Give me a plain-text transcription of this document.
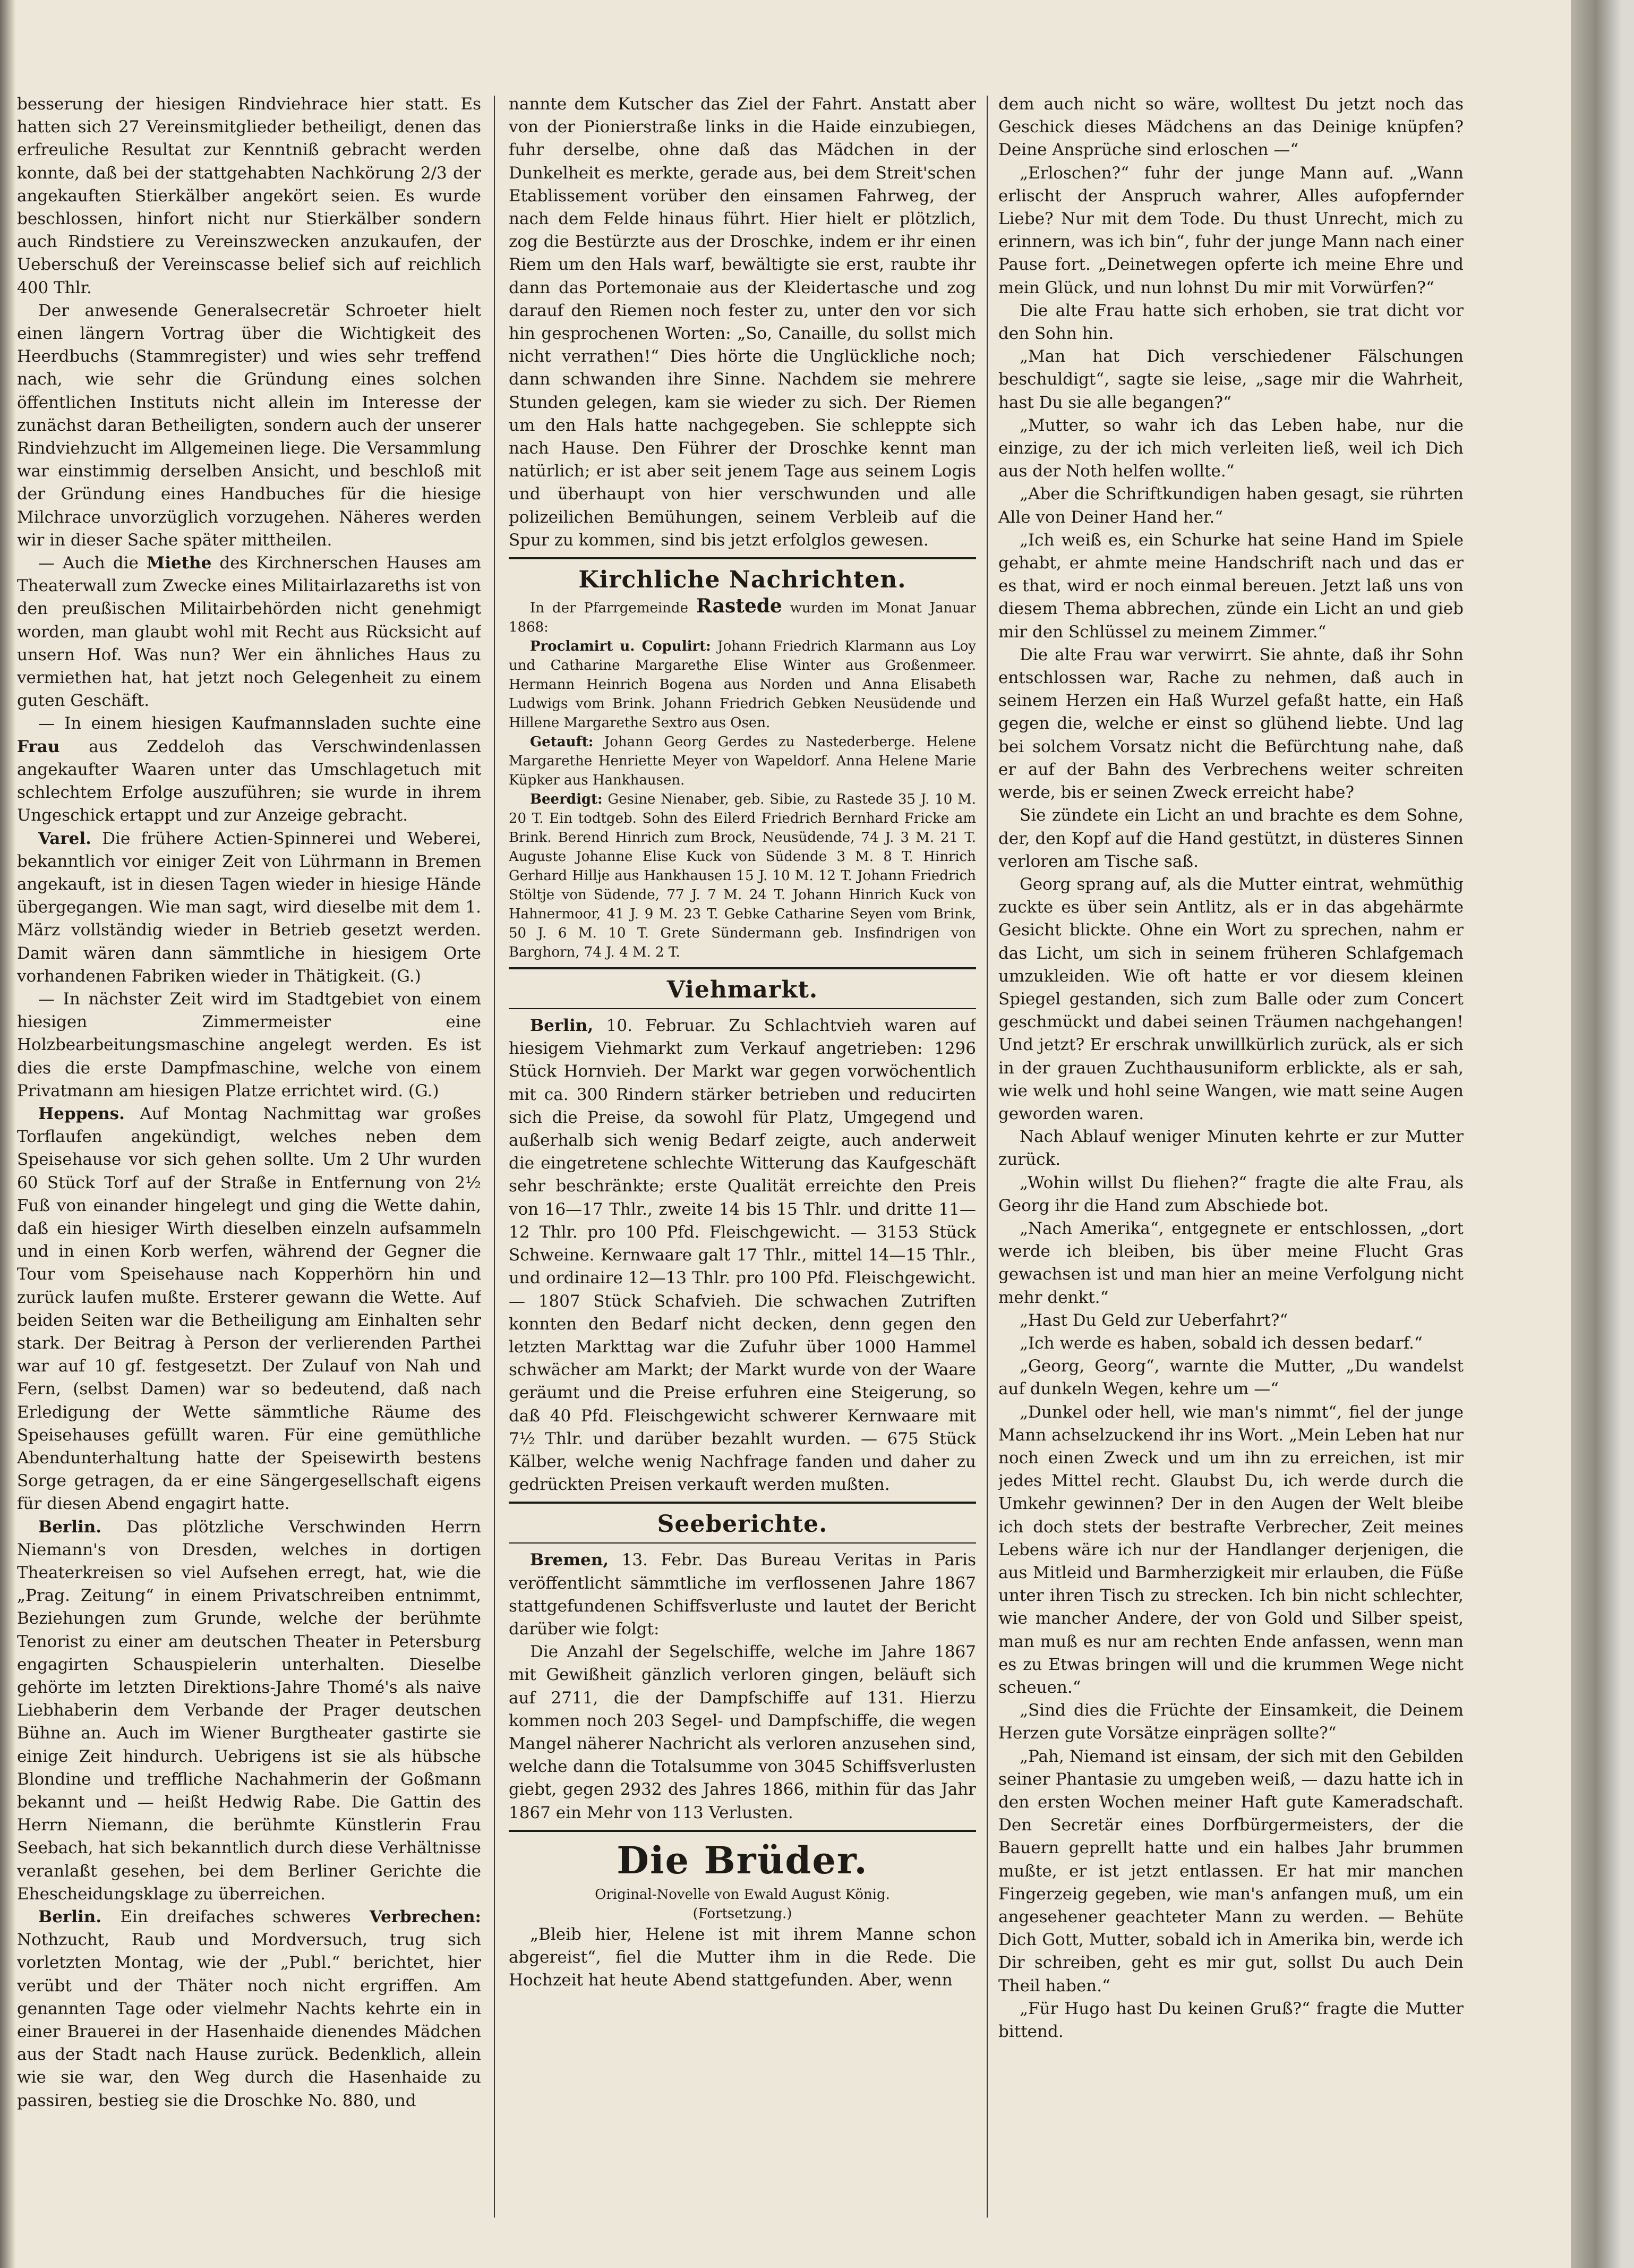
besserung der hiesigen Rindviehrace hier statt. Es hatten sich 27 Vereinsmitglieder betheiligt, denen das erfreuliche Resultat zur Kenntniß gebracht werden konnte, daß bei der stattgehabten Nachkörung 2/3 der angekauften Stierkälber angekört seien. Es wurde beschlossen, hinfort nicht nur Stierkälber sondern auch Rindstiere zu Vereinszwecken anzukaufen, der Ueberschuß der Vereinscasse belief sich auf reichlich 400 Thlr.

Der anwesende Generalsecretär Schroeter hielt einen längern Vortrag über die Wichtigkeit des Heerdbuchs (Stammregister) und wies sehr treffend nach, wie sehr die Gründung eines solchen öffentlichen Instituts nicht allein im Interesse der zunächst daran Betheiligten, sondern auch der unserer Rindviehzucht im Allgemeinen liege. Die Versammlung war einstimmig derselben Ansicht, und beschloß mit der Gründung eines Handbuches für die hiesige Milchrace unvorzüglich vorzugehen. Näheres werden wir in dieser Sache später mittheilen.

— Auch die Miethe des Kirchnerschen Hauses am Theaterwall zum Zwecke eines Militairlazareths ist von den preußischen Militairbehörden nicht genehmigt worden, man glaubt wohl mit Recht aus Rücksicht auf unsern Hof. Was nun? Wer ein ähnliches Haus zu vermiethen hat, hat jetzt noch Gelegenheit zu einem guten Geschäft.

— In einem hiesigen Kaufmannsladen suchte eine Frau aus Zeddeloh das Verschwindenlassen angekaufter Waaren unter das Umschlagetuch mit schlechtem Erfolge auszuführen; sie wurde in ihrem Ungeschick ertappt und zur Anzeige gebracht.

Varel. Die frühere Actien-Spinnerei und Weberei, bekanntlich vor einiger Zeit von Lührmann in Bremen angekauft, ist in diesen Tagen wieder in hiesige Hände übergegangen. Wie man sagt, wird dieselbe mit dem 1. März vollständig wieder in Betrieb gesetzt werden. Damit wären dann sämmtliche in hiesigem Orte vorhandenen Fabriken wieder in Thätigkeit. (G.)

— In nächster Zeit wird im Stadtgebiet von einem hiesigen Zimmermeister eine Holzbearbeitungsmaschine angelegt werden. Es ist dies die erste Dampfmaschine, welche von einem Privatmann am hiesigen Platze errichtet wird. (G.)

Heppens. Auf Montag Nachmittag war großes Torflaufen angekündigt, welches neben dem Speisehause vor sich gehen sollte. Um 2 Uhr wurden 60 Stück Torf auf der Straße in Entfernung von 2½ Fuß von einander hingelegt und ging die Wette dahin, daß ein hiesiger Wirth dieselben einzeln aufsammeln und in einen Korb werfen, während der Gegner die Tour vom Speisehause nach Kopperhörn hin und zurück laufen mußte. Ersterer gewann die Wette. Auf beiden Seiten war die Betheiligung am Einhalten sehr stark. Der Beitrag à Person der verlierenden Parthei war auf 10 gf. festgesetzt. Der Zulauf von Nah und Fern, (selbst Damen) war so bedeutend, daß nach Erledigung der Wette sämmtliche Räume des Speisehauses gefüllt waren. Für eine gemüthliche Abendunterhaltung hatte der Speisewirth bestens Sorge getragen, da er eine Sängergesellschaft eigens für diesen Abend engagirt hatte.

Berlin. Das plötzliche Verschwinden Herrn Niemann's von Dresden, welches in dortigen Theaterkreisen so viel Aufsehen erregt, hat, wie die „Prag. Zeitung“ in einem Privatschreiben entnimmt, Beziehungen zum Grunde, welche der berühmte Tenorist zu einer am deutschen Theater in Petersburg engagirten Schauspielerin unterhalten. Dieselbe gehörte im letzten Direktions-Jahre Thomé's als naive Liebhaberin dem Verbande der Prager deutschen Bühne an. Auch im Wiener Burgtheater gastirte sie einige Zeit hindurch. Uebrigens ist sie als hübsche Blondine und treffliche Nachahmerin der Goßmann bekannt und — heißt Hedwig Rabe. Die Gattin des Herrn Niemann, die berühmte Künstlerin Frau Seebach, hat sich bekanntlich durch diese Verhältnisse veranlaßt gesehen, bei dem Berliner Gerichte die Ehescheidungsklage zu überreichen.

Berlin. Ein dreifaches schweres Verbrechen: Nothzucht, Raub und Mordversuch, trug sich vorletzten Montag, wie der „Publ.“ berichtet, hier verübt und der Thäter noch nicht ergriffen. Am genannten Tage oder vielmehr Nachts kehrte ein in einer Brauerei in der Hasenhaide dienendes Mädchen aus der Stadt nach Hause zurück. Bedenklich, allein wie sie war, den Weg durch die Hasenhaide zu passiren, bestieg sie die Droschke No. 880, und

nannte dem Kutscher das Ziel der Fahrt. Anstatt aber von der Pionierstraße links in die Haide einzubiegen, fuhr derselbe, ohne daß das Mädchen in der Dunkelheit es merkte, gerade aus, bei dem Streit'schen Etablissement vorüber den einsamen Fahrweg, der nach dem Felde hinaus führt. Hier hielt er plötzlich, zog die Bestürzte aus der Droschke, indem er ihr einen Riem um den Hals warf, bewältigte sie erst, raubte ihr dann das Portemonaie aus der Kleidertasche und zog darauf den Riemen noch fester zu, unter den vor sich hin gesprochenen Worten: „So, Canaille, du sollst mich nicht verrathen!“ Dies hörte die Unglückliche noch; dann schwanden ihre Sinne. Nachdem sie mehrere Stunden gelegen, kam sie wieder zu sich. Der Riemen um den Hals hatte nachgegeben. Sie schleppte sich nach Hause. Den Führer der Droschke kennt man natürlich; er ist aber seit jenem Tage aus seinem Logis und überhaupt von hier verschwunden und alle polizeilichen Bemühungen, seinem Verbleib auf die Spur zu kommen, sind bis jetzt erfolglos gewesen.

Kirchliche Nachrichten.

In der Pfarrgemeinde Rastede wurden im Monat Januar 1868:

Proclamirt u. Copulirt: Johann Friedrich Klarmann aus Loy und Catharine Margarethe Elise Winter aus Großenmeer. Hermann Heinrich Bogena aus Norden und Anna Elisabeth Ludwigs vom Brink. Johann Friedrich Gebken Neusüdende und Hillene Margarethe Sextro aus Osen.

Getauft: Johann Georg Gerdes zu Nastederberge. Helene Margarethe Henriette Meyer von Wapeldorf. Anna Helene Marie Küpker aus Hankhausen.

Beerdigt: Gesine Nienaber, geb. Sibie, zu Rastede 35 J. 10 M. 20 T. Ein todtgeb. Sohn des Eilerd Friedrich Bernhard Fricke am Brink. Berend Hinrich zum Brock, Neusüdende, 74 J. 3 M. 21 T. Auguste Johanne Elise Kuck von Südende 3 M. 8 T. Hinrich Gerhard Hillje aus Hankhausen 15 J. 10 M. 12 T. Johann Friedrich Stöltje von Südende, 77 J. 7 M. 24 T. Johann Hinrich Kuck von Hahnermoor, 41 J. 9 M. 23 T. Gebke Catharine Seyen vom Brink, 50 J. 6 M. 10 T. Grete Sündermann geb. Insfindrigen von Barghorn, 74 J. 4 M. 2 T.

Viehmarkt.

Berlin, 10. Februar. Zu Schlachtvieh waren auf hiesigem Viehmarkt zum Verkauf angetrieben: 1296 Stück Hornvieh. Der Markt war gegen vorwöchentlich mit ca. 300 Rindern stärker betrieben und reducirten sich die Preise, da sowohl für Platz, Umgegend und außerhalb sich wenig Bedarf zeigte, auch anderweit die eingetretene schlechte Witterung das Kaufgeschäft sehr beschränkte; erste Qualität erreichte den Preis von 16—17 Thlr., zweite 14 bis 15 Thlr. und dritte 11—12 Thlr. pro 100 Pfd. Fleischgewicht. — 3153 Stück Schweine. Kernwaare galt 17 Thlr., mittel 14—15 Thlr., und ordinaire 12—13 Thlr. pro 100 Pfd. Fleischgewicht. — 1807 Stück Schafvieh. Die schwachen Zutriften konnten den Bedarf nicht decken, denn gegen den letzten Markttag war die Zufuhr über 1000 Hammel schwächer am Markt; der Markt wurde von der Waare geräumt und die Preise erfuhren eine Steigerung, so daß 40 Pfd. Fleischgewicht schwerer Kernwaare mit 7½ Thlr. und darüber bezahlt wurden. — 675 Stück Kälber, welche wenig Nachfrage fanden und daher zu gedrückten Preisen verkauft werden mußten.

Seeberichte.

Bremen, 13. Febr. Das Bureau Veritas in Paris veröffentlicht sämmtliche im verflossenen Jahre 1867 stattgefundenen Schiffsverluste und lautet der Bericht darüber wie folgt:

Die Anzahl der Segelschiffe, welche im Jahre 1867 mit Gewißheit gänzlich verloren gingen, beläuft sich auf 2711, die der Dampfschiffe auf 131. Hierzu kommen noch 203 Segel- und Dampfschiffe, die wegen Mangel näherer Nachricht als verloren anzusehen sind, welche dann die Totalsumme von 3045 Schiffsverlusten giebt, gegen 2932 des Jahres 1866, mithin für das Jahr 1867 ein Mehr von 113 Verlusten.

Die Brüder.

Original-Novelle von Ewald August König.

(Fortsetzung.)

„Bleib hier, Helene ist mit ihrem Manne schon abgereist“, fiel die Mutter ihm in die Rede. Die Hochzeit hat heute Abend stattgefunden. Aber, wenn

dem auch nicht so wäre, wolltest Du jetzt noch das Geschick dieses Mädchens an das Deinige knüpfen? Deine Ansprüche sind erloschen —“

„Erloschen?“ fuhr der junge Mann auf. „Wann erlischt der Anspruch wahrer, Alles aufopfernder Liebe? Nur mit dem Tode. Du thust Unrecht, mich zu erinnern, was ich bin“, fuhr der junge Mann nach einer Pause fort. „Deinetwegen opferte ich meine Ehre und mein Glück, und nun lohnst Du mir mit Vorwürfen?“

Die alte Frau hatte sich erhoben, sie trat dicht vor den Sohn hin.

„Man hat Dich verschiedener Fälschungen beschuldigt“, sagte sie leise, „sage mir die Wahrheit, hast Du sie alle begangen?“

„Mutter, so wahr ich das Leben habe, nur die einzige, zu der ich mich verleiten ließ, weil ich Dich aus der Noth helfen wollte.“

„Aber die Schriftkundigen haben gesagt, sie rührten Alle von Deiner Hand her.“

„Ich weiß es, ein Schurke hat seine Hand im Spiele gehabt, er ahmte meine Handschrift nach und das er es that, wird er noch einmal bereuen. Jetzt laß uns von diesem Thema abbrechen, zünde ein Licht an und gieb mir den Schlüssel zu meinem Zimmer.“

Die alte Frau war verwirrt. Sie ahnte, daß ihr Sohn entschlossen war, Rache zu nehmen, daß auch in seinem Herzen ein Haß Wurzel gefaßt hatte, ein Haß gegen die, welche er einst so glühend liebte. Und lag bei solchem Vorsatz nicht die Befürchtung nahe, daß er auf der Bahn des Verbrechens weiter schreiten werde, bis er seinen Zweck erreicht habe?

Sie zündete ein Licht an und brachte es dem Sohne, der, den Kopf auf die Hand gestützt, in düsteres Sinnen verloren am Tische saß.

Georg sprang auf, als die Mutter eintrat, wehmüthig zuckte es über sein Antlitz, als er in das abgehärmte Gesicht blickte. Ohne ein Wort zu sprechen, nahm er das Licht, um sich in seinem früheren Schlafgemach umzukleiden. Wie oft hatte er vor diesem kleinen Spiegel gestanden, sich zum Balle oder zum Concert geschmückt und dabei seinen Träumen nachgehangen! Und jetzt? Er erschrak unwillkürlich zurück, als er sich in der grauen Zuchthausuniform erblickte, als er sah, wie welk und hohl seine Wangen, wie matt seine Augen geworden waren.

Nach Ablauf weniger Minuten kehrte er zur Mutter zurück.

„Wohin willst Du fliehen?“ fragte die alte Frau, als Georg ihr die Hand zum Abschiede bot.

„Nach Amerika“, entgegnete er entschlossen, „dort werde ich bleiben, bis über meine Flucht Gras gewachsen ist und man hier an meine Verfolgung nicht mehr denkt.“

„Hast Du Geld zur Ueberfahrt?“

„Ich werde es haben, sobald ich dessen bedarf.“

„Georg, Georg“, warnte die Mutter, „Du wandelst auf dunkeln Wegen, kehre um —“

„Dunkel oder hell, wie man's nimmt“, fiel der junge Mann achselzuckend ihr ins Wort. „Mein Leben hat nur noch einen Zweck und um ihn zu erreichen, ist mir jedes Mittel recht. Glaubst Du, ich werde durch die Umkehr gewinnen? Der in den Augen der Welt bleibe ich doch stets der bestrafte Verbrecher, Zeit meines Lebens wäre ich nur der Handlanger derjenigen, die aus Mitleid und Barmherzigkeit mir erlauben, die Füße unter ihren Tisch zu strecken. Ich bin nicht schlechter, wie mancher Andere, der von Gold und Silber speist, man muß es nur am rechten Ende anfassen, wenn man es zu Etwas bringen will und die krummen Wege nicht scheuen.“

„Sind dies die Früchte der Einsamkeit, die Deinem Herzen gute Vorsätze einprägen sollte?“

„Pah, Niemand ist einsam, der sich mit den Gebilden seiner Phantasie zu umgeben weiß, — dazu hatte ich in den ersten Wochen meiner Haft gute Kameradschaft. Den Secretär eines Dorfbürgermeisters, der die Bauern geprellt hatte und ein halbes Jahr brummen mußte, er ist jetzt entlassen. Er hat mir manchen Fingerzeig gegeben, wie man's anfangen muß, um ein angesehener geachteter Mann zu werden. — Behüte Dich Gott, Mutter, sobald ich in Amerika bin, werde ich Dir schreiben, geht es mir gut, sollst Du auch Dein Theil haben.“

„Für Hugo hast Du keinen Gruß?“ fragte die Mutter bittend.
